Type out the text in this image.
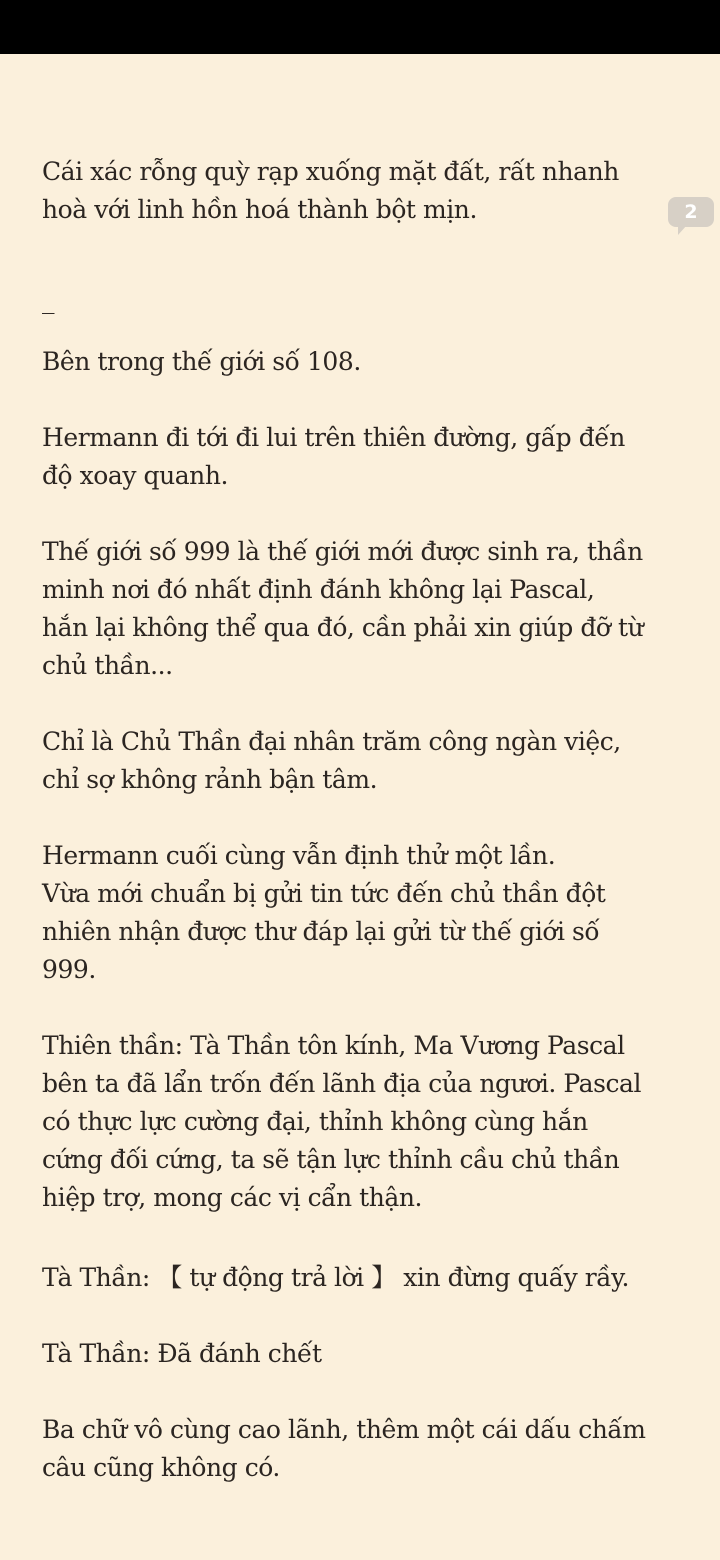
Cái xác rỗng quỳ rạp xuống mặt đất, rất nhanh
hoà với linh hồn hoá thành bột mịn.

_

Bên trong thế giới số 108.

Hermann đi tới đi lui trên thiên đường, gấp đến
độ xoay quanh.

Thế giới số 999 là thế giới mới được sinh ra, thần
minh nơi đó nhất định đánh không lại Pascal,
hắn lại không thể qua đó, cần phải xin giúp đỡ từ
chủ thần...

Chỉ là Chủ Thần đại nhân trăm công ngàn việc,
chỉ sợ không rảnh bận tâm.

Hermann cuối cùng vẫn định thử một lần.
Vừa mới chuẩn bị gửi tin tức đến chủ thần đột
nhiên nhận được thư đáp lại gửi từ thế giới số
999.

Thiên thần: Tà Thần tôn kính, Ma Vương Pascal
bên ta đã lẩn trốn đến lãnh địa của ngươi. Pascal
có thực lực cường đại, thỉnh không cùng hắn
cứng đối cứng, ta sẽ tận lực thỉnh cầu chủ thần
hiệp trợ, mong các vị cẩn thận.

Tà Thần: 【 tự động trả lời 】 xin đừng quấy rầy.

Tà Thần: Đã đánh chết

Ba chữ vô cùng cao lãnh, thêm một cái dấu chấm
câu cũng không có.

2
